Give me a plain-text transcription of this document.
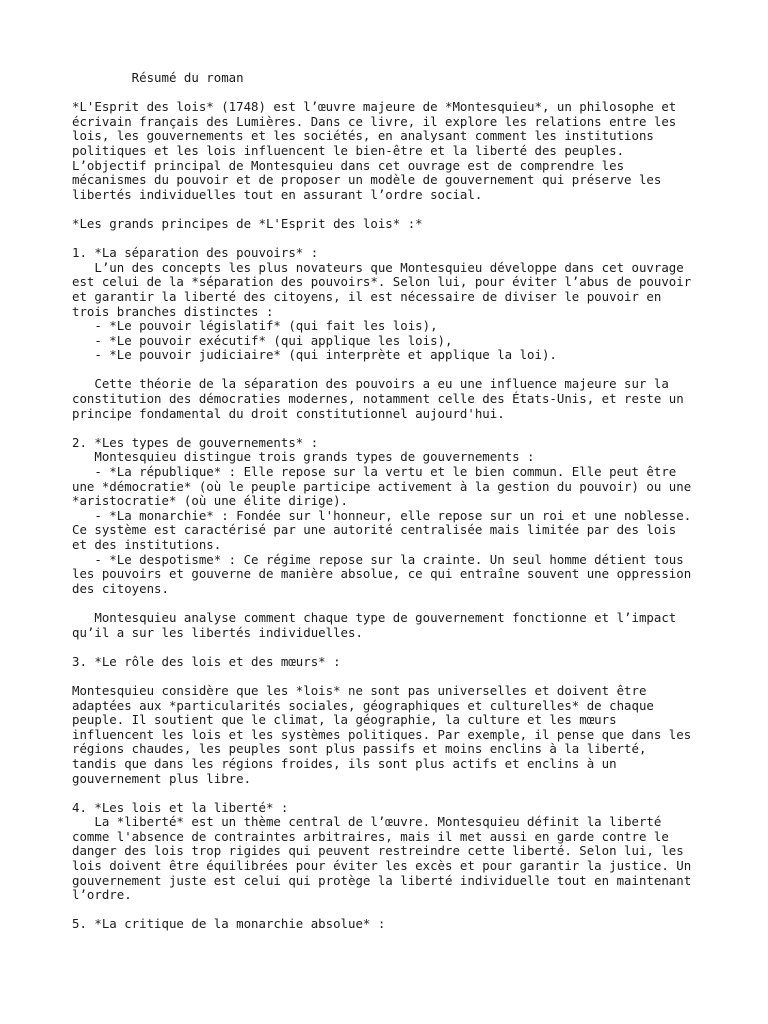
Résumé du roman
*L'Esprit des lois* (1748) est l’œuvre majeure de *Montesquieu*, un philosophe et
écrivain français des Lumières. Dans ce livre, il explore les relations entre les
lois, les gouvernements et les sociétés, en analysant comment les institutions
politiques et les lois influencent le bien-être et la liberté des peuples.
L’objectif principal de Montesquieu dans cet ouvrage est de comprendre les
mécanismes du pouvoir et de proposer un modèle de gouvernement qui préserve les
libertés individuelles tout en assurant l’ordre social.
*Les grands principes de *L'Esprit des lois* :*
1. *La séparation des pouvoirs* :
L’un des concepts les plus novateurs que Montesquieu développe dans cet ouvrage
est celui de la *séparation des pouvoirs*. Selon lui, pour éviter l’abus de pouvoir
et garantir la liberté des citoyens, il est nécessaire de diviser le pouvoir en
trois branches distinctes :
- *Le pouvoir législatif* (qui fait les lois),
- *Le pouvoir exécutif* (qui applique les lois),
- *Le pouvoir judiciaire* (qui interprète et applique la loi).
Cette théorie de la séparation des pouvoirs a eu une influence majeure sur la
constitution des démocraties modernes, notamment celle des États-Unis, et reste un
principe fondamental du droit constitutionnel aujourd'hui.
2. *Les types de gouvernements* :
Montesquieu distingue trois grands types de gouvernements :
- *La république* : Elle repose sur la vertu et le bien commun. Elle peut être
une *démocratie* (où le peuple participe activement à la gestion du pouvoir) ou une
*aristocratie* (où une élite dirige).
- *La monarchie* : Fondée sur l'honneur, elle repose sur un roi et une noblesse.
Ce système est caractérisé par une autorité centralisée mais limitée par des lois
et des institutions.
- *Le despotisme* : Ce régime repose sur la crainte. Un seul homme détient tous
les pouvoirs et gouverne de manière absolue, ce qui entraîne souvent une oppression
des citoyens.
Montesquieu analyse comment chaque type de gouvernement fonctionne et l’impact
qu’il a sur les libertés individuelles.
3. *Le rôle des lois et des mœurs* :
Montesquieu considère que les *lois* ne sont pas universelles et doivent être
adaptées aux *particularités sociales, géographiques et culturelles* de chaque
peuple. Il soutient que le climat, la géographie, la culture et les mœurs
influencent les lois et les systèmes politiques. Par exemple, il pense que dans les
régions chaudes, les peuples sont plus passifs et moins enclins à la liberté,
tandis que dans les régions froides, ils sont plus actifs et enclins à un
gouvernement plus libre.
4. *Les lois et la liberté* :
La *liberté* est un thème central de l’œuvre. Montesquieu définit la liberté
comme l'absence de contraintes arbitraires, mais il met aussi en garde contre le
danger des lois trop rigides qui peuvent restreindre cette liberté. Selon lui, les
lois doivent être équilibrées pour éviter les excès et pour garantir la justice. Un
gouvernement juste est celui qui protège la liberté individuelle tout en maintenant
l’ordre.
5. *La critique de la monarchie absolue* :
